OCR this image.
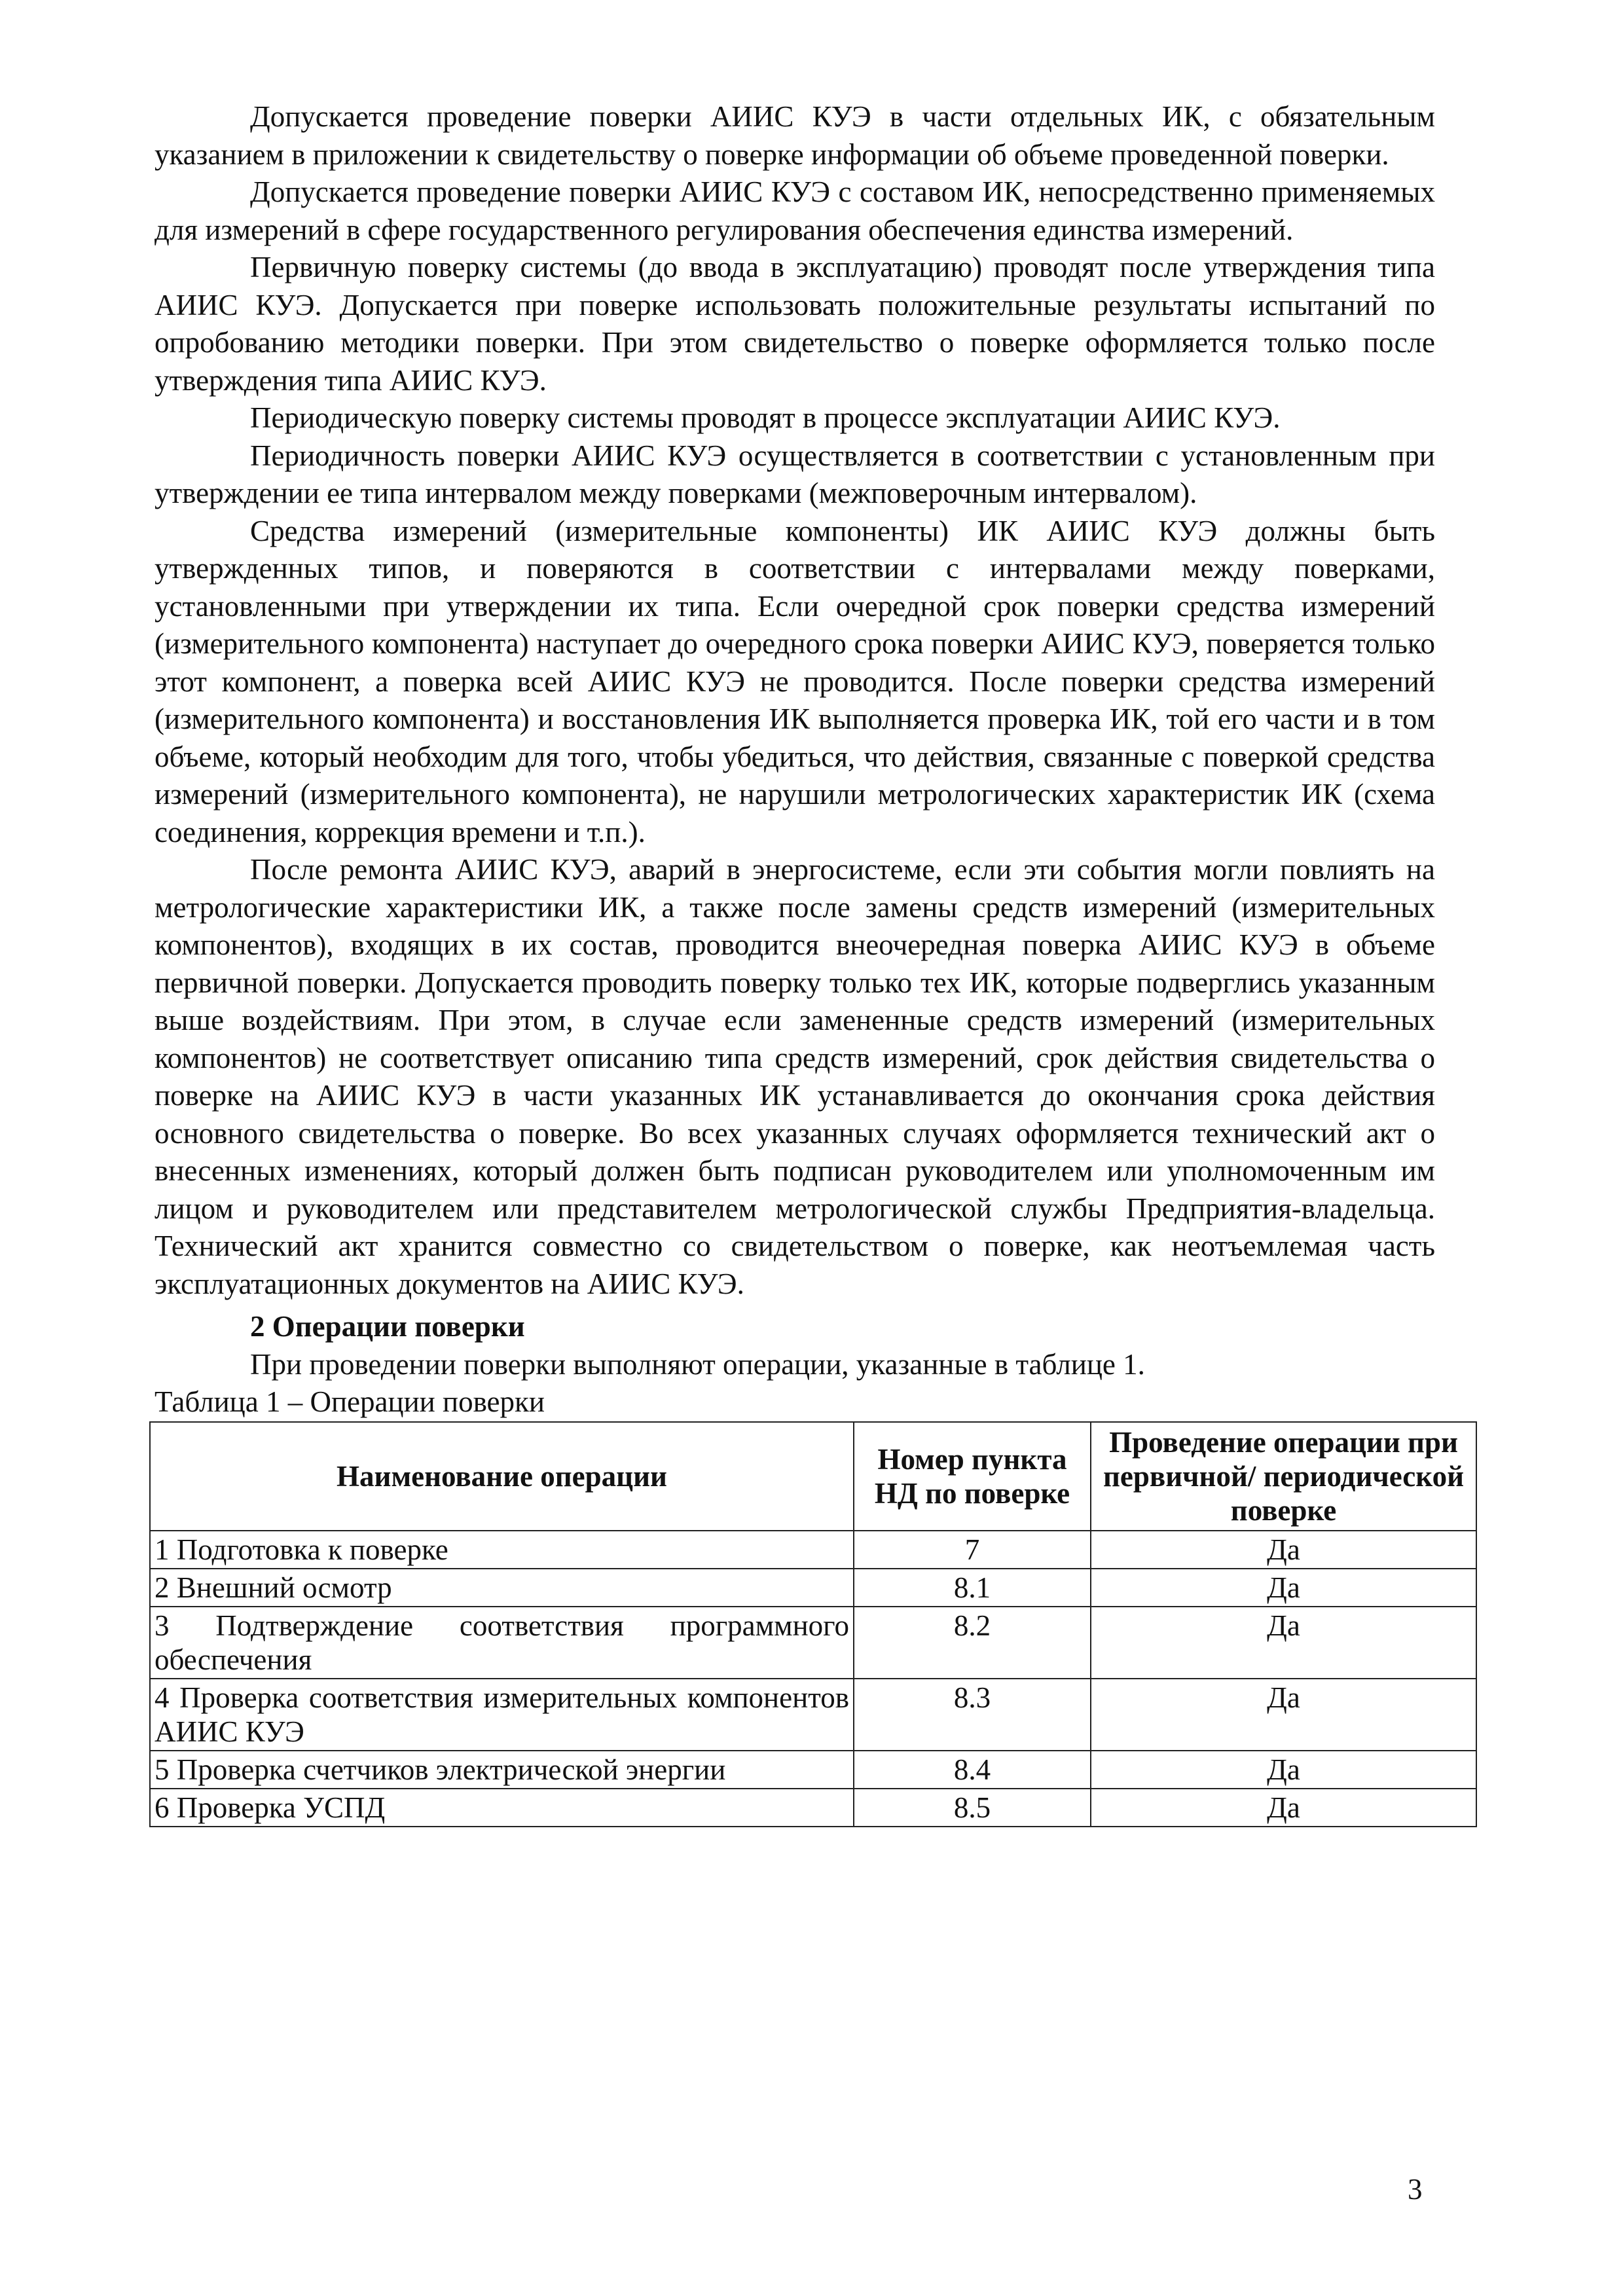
Допускается проведение поверки АИИС КУЭ в части отдельных ИК, с обязательным указанием в приложении к свидетельству о поверке информации об объеме проведенной поверки.

Допускается проведение поверки АИИС КУЭ с составом ИК, непосредственно применяемых для измерений в сфере государственного регулирования обеспечения единства измерений.

Первичную поверку системы (до ввода в эксплуатацию) проводят после утверждения типа АИИС КУЭ. Допускается при поверке использовать положительные результаты испытаний по опробованию методики поверки. При этом свидетельство о поверке оформляется только после утверждения типа АИИС КУЭ.

Периодическую поверку системы проводят в процессе эксплуатации АИИС КУЭ.

Периодичность поверки АИИС КУЭ осуществляется в соответствии с установленным при утверждении ее типа интервалом между поверками (межповерочным интервалом).

Средства измерений (измерительные компоненты) ИК АИИС КУЭ должны быть утвержденных типов, и поверяются в соответствии с интервалами между поверками, установленными при утверждении их типа. Если очередной срок поверки средства измерений (измерительного компонента) наступает до очередного срока поверки АИИС КУЭ, поверяется только этот компонент, а поверка всей АИИС КУЭ не проводится. После поверки средства измерений (измерительного компонента) и восстановления ИК выполняется проверка ИК, той его части и в том объеме, который необходим для того, чтобы убедиться, что действия, связанные с поверкой средства измерений (измерительного компонента), не нарушили метрологических характеристик ИК (схема соединения, коррекция времени и т.п.).

После ремонта АИИС КУЭ, аварий в энергосистеме, если эти события могли повлиять на метрологические характеристики ИК, а также после замены средств измерений (измерительных компонентов), входящих в их состав, проводится внеочередная поверка АИИС КУЭ в объеме первичной поверки. Допускается проводить поверку только тех ИК, которые подверглись указанным выше воздействиям. При этом, в случае если замененные средств измерений (измерительных компонентов) не соответствует описанию типа средств измерений, срок действия свидетельства о поверке на АИИС КУЭ в части указанных ИК устанавливается до окончания срока действия основного свидетельства о поверке. Во всех указанных случаях оформляется технический акт о внесенных изменениях, который должен быть подписан руководителем или уполномоченным им лицом и руководителем или представителем метрологической службы Предприятия-владельца. Технический акт хранится совместно со свидетельством о поверке, как неотъемлемая часть эксплуатационных документов на АИИС КУЭ.

2 Операции поверки

При проведении поверки выполняют операции, указанные в таблице 1.

Таблица 1 – Операции поверки

Наименование операции	Номер пункта НД по поверке	Проведение операции при первичной/ периодической поверке
1 Подготовка к поверке	7	Да
2 Внешний осмотр	8.1	Да
3 Подтверждение соответствия программного обеспечения	8.2	Да
4 Проверка соответствия измерительных компонентов АИИС КУЭ	8.3	Да
5 Проверка счетчиков электрической энергии	8.4	Да
6 Проверка УСПД	8.5	Да
3
